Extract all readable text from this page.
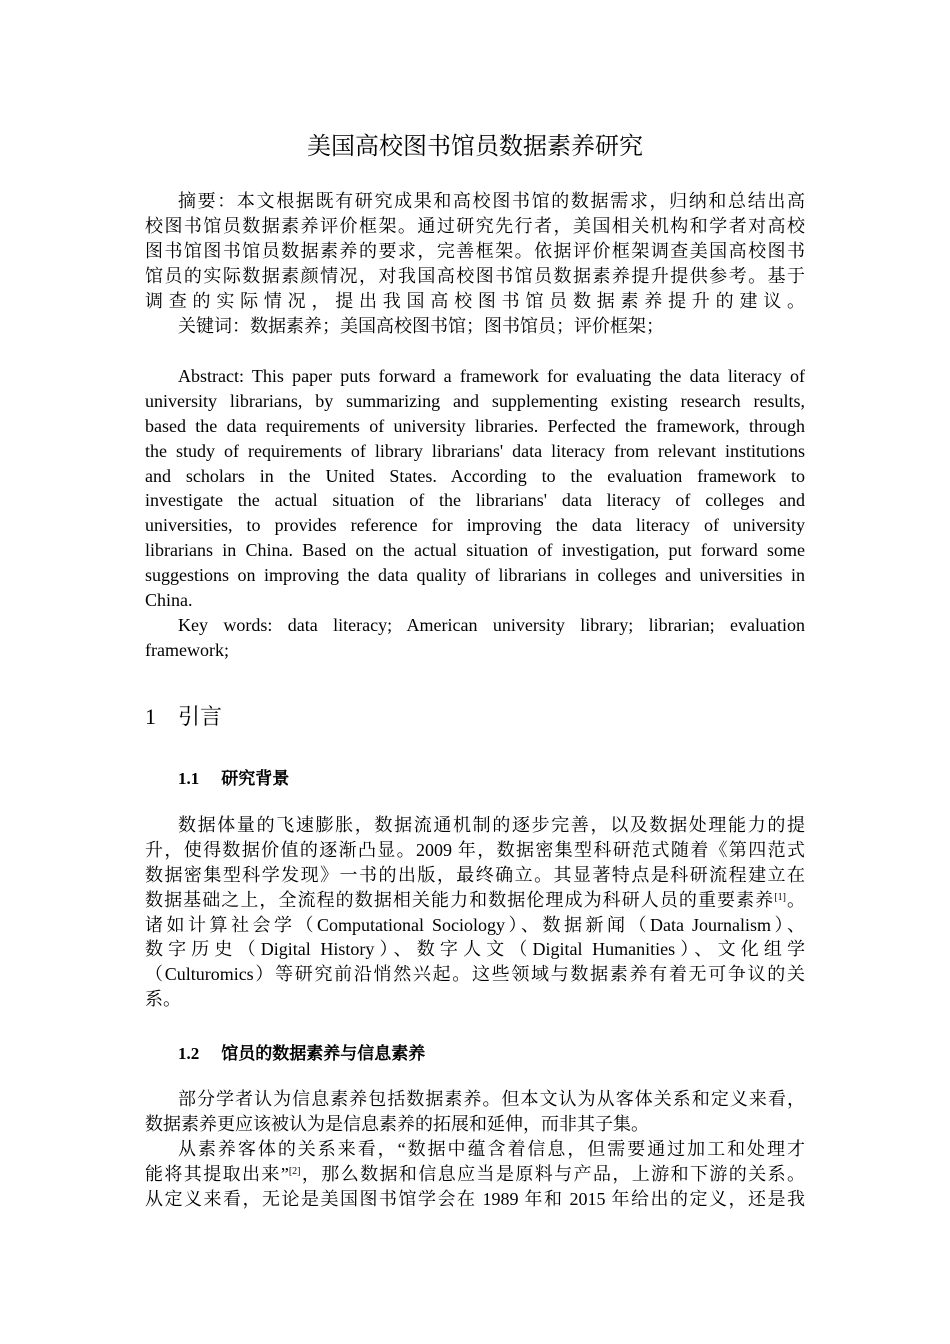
美国高校图书馆员数据素养研究
摘要：本文根据既有研究成果和高校图书馆的数据需求，归纳和总结出高
校图书馆员数据素养评价框架。通过研究先行者，美国相关机构和学者对高校
图书馆图书馆员数据素养的要求，完善框架。依据评价框架调查美国高校图书
馆员的实际数据素颜情况，对我国高校图书馆员数据素养提升提供参考。基于
调查的实际情况，提出我国高校图书馆员数据素养提升的建议。
关键词：数据素养；美国高校图书馆；图书馆员；评价框架；
Abstract: This paper puts forward a framework for evaluating the data literacy of
university librarians, by summarizing and supplementing existing research results,
based the data requirements of university libraries. Perfected the framework, through
the study of requirements of library librarians' data literacy from relevant institutions
and scholars in the United States. According to the evaluation framework to
investigate the actual situation of the librarians' data literacy of colleges and
universities, to provides reference for improving the data literacy of university
librarians in China. Based on the actual situation of investigation, put forward some
suggestions on improving the data quality of librarians in colleges and universities in
China.
Key words: data literacy; American university library; librarian; evaluation
framework;
1 引言
1.1 研究背景
数据体量的飞速膨胀，数据流通机制的逐步完善，以及数据处理能力的提
升，使得数据价值的逐渐凸显。2009 年，数据密集型科研范式随着《第四范式
数据密集型科学发现》一书的出版，最终确立。其显著特点是科研流程建立在
数据基础之上，全流程的数据相关能力和数据伦理成为科研人员的重要素养[1]。
诸如计算社会学（Computational Sociology）、数据新闻（Data Journalism）、
数字历史（Digital History）、数字人文（Digital Humanities）、文化组学
（Culturomics）等研究前沿悄然兴起。这些领域与数据素养有着无可争议的关
系。
1.2 馆员的数据素养与信息素养
部分学者认为信息素养包括数据素养。但本文认为从客体关系和定义来看，
数据素养更应该被认为是信息素养的拓展和延伸，而非其子集。
从素养客体的关系来看，“数据中蕴含着信息，但需要通过加工和处理才
能将其提取出来”[2]，那么数据和信息应当是原料与产品，上游和下游的关系。
从定义来看，无论是美国图书馆学会在 1989 年和 2015 年给出的定义，还是我
